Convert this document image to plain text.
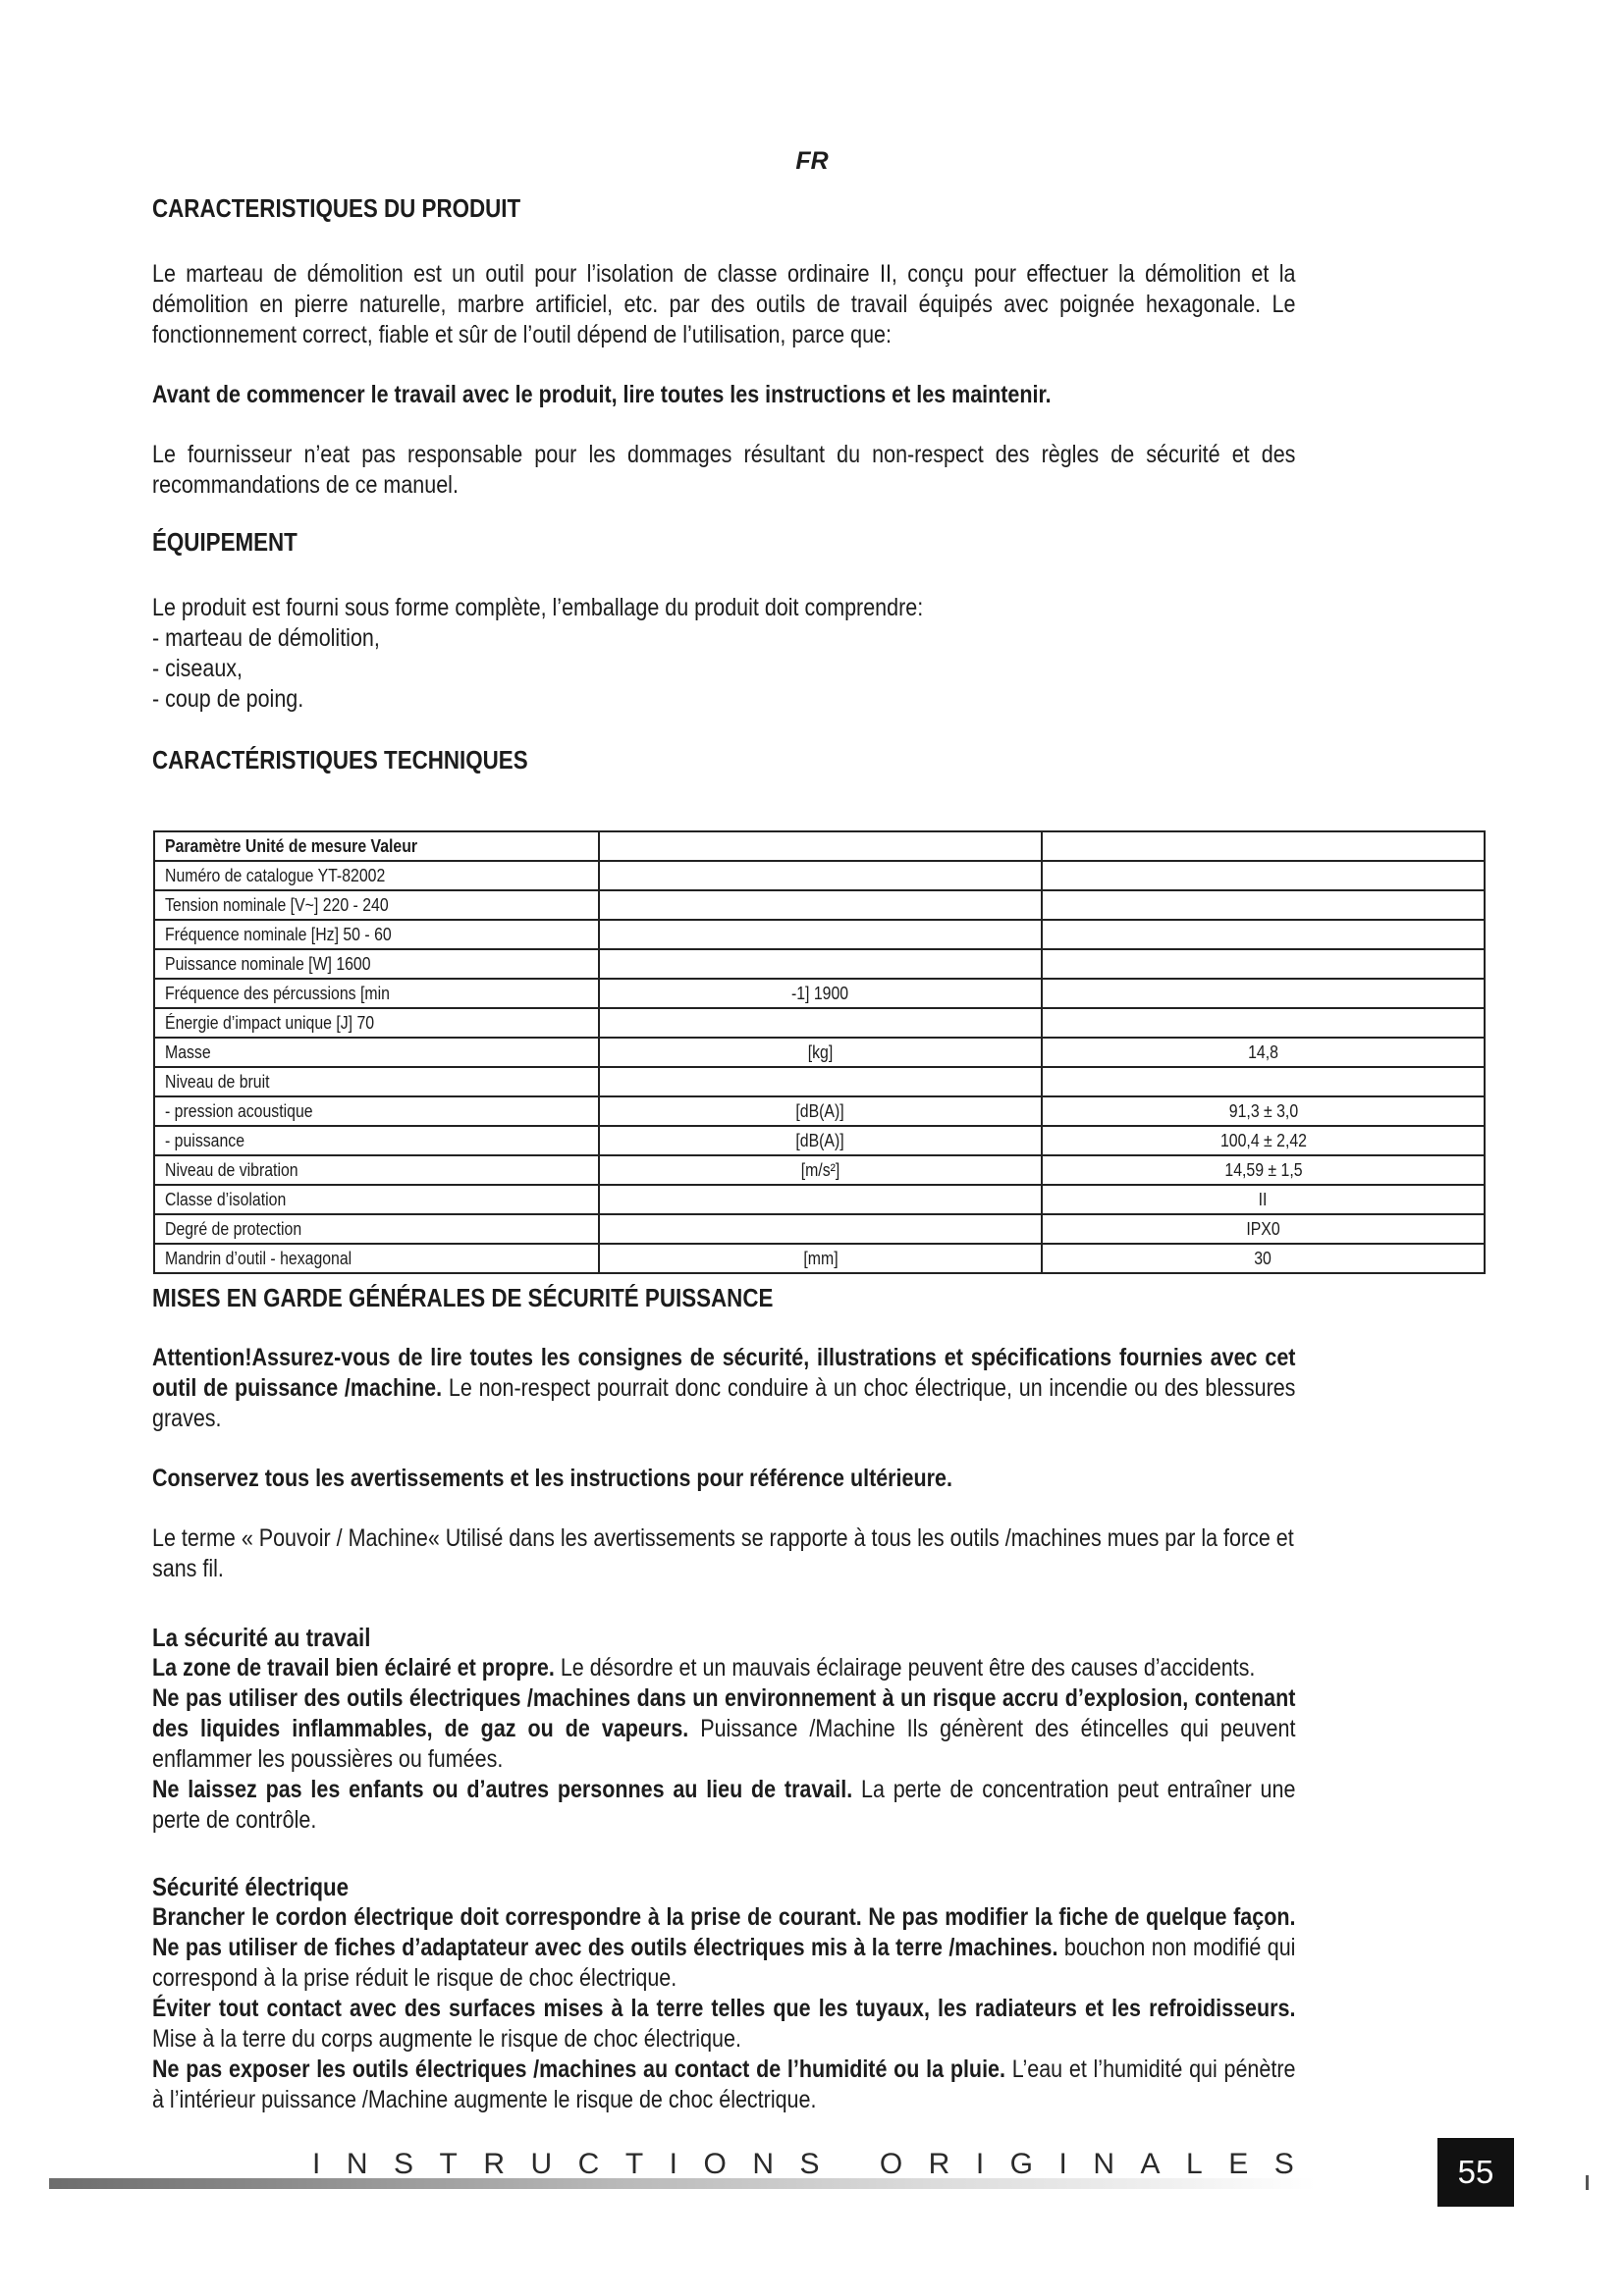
FR
CARACTERISTIQUES DU PRODUIT

Le marteau de démolition est un outil pour l’isolation de classe ordinaire II, conçu pour effectuer la démolition et la démolition en pierre naturelle, marbre artificiel, etc. par des outils de travail équipés avec poignée hexagonale. Le fonctionnement correct, fiable et sûr de l’outil dépend de l’utilisation, parce que:

Avant de commencer le travail avec le produit, lire toutes les instructions et les maintenir.

Le fournisseur n’eat pas responsable pour les dommages résultant du non-respect des règles de sécurité et des recommandations de ce manuel.

ÉQUIPEMENT

Le produit est fourni sous forme complète, l’emballage du produit doit comprendre:

- marteau de démolition,
- ciseaux,
- coup de poing.
CARACTÉRISTIQUES TECHNIQUES
MISES EN GARDE GÉNÉRALES DE SÉCURITÉ PUISSANCE

Attention!Assurez-vous de lire toutes les consignes de sécurité, illustrations et spécifications fournies avec cet outil de puissance /machine. Le non-respect pourrait donc conduire à un choc électrique, un incendie ou des blessures graves.

Conservez tous les avertissements et les instructions pour référence ultérieure.

Le terme « Pouvoir / Machine« Utilisé dans les avertissements se rapporte à tous les outils /machines mues par la force et sans fil.

La sécurité au travail

La zone de travail bien éclairé et propre. Le désordre et un mauvais éclairage peuvent être des causes d’accidents.

Ne pas utiliser des outils électriques /machines dans un environnement à un risque accru d’explosion, contenant des liquides inflammables, de gaz ou de vapeurs. Puissance /Machine Ils génèrent des étincelles qui peuvent enflammer les poussières ou fumées.

Ne laissez pas les enfants ou d’autres personnes au lieu de travail. La perte de concentration peut entraîner une perte de contrôle.

Sécurité électrique

Brancher le cordon électrique doit correspondre à la prise de courant. Ne pas modifier la fiche de quelque façon. Ne pas utiliser de fiches d’adaptateur avec des outils électriques mis à la terre /machines. bouchon non modifié qui correspond à la prise réduit le risque de choc électrique.

Éviter tout contact avec des surfaces mises à la terre telles que les tuyaux, les radiateurs et les refroidisseurs. Mise à la terre du corps augmente le risque de choc électrique.

Ne pas exposer les outils électriques /machines au contact de l’humidité ou la pluie. L’eau et l’humidité qui pénètre à l’intérieur puissance /Machine augmente le risque de choc électrique.

Paramètre Unité de mesure Valeur		
Numéro de catalogue YT-82002		
Tension nominale [V~] 220 - 240		
Fréquence nominale [Hz] 50 - 60		
Puissance nominale [W] 1600		
Fréquence des pércussions [min	-1] 1900	
Énergie d’impact unique [J] 70		
Masse	[kg]	14,8
Niveau de bruit		
- pression acoustique	[dB(A)]	91,3 ± 3,0
- puissance	[dB(A)]	100,4 ± 2,42
Niveau de vibration	[m/s²]	14,59 ± 1,5
Classe d’isolation		II
Degré de protection		IPX0
Mandrin d’outil - hexagonal	[mm]	30
INSTRUCTIONS ORIGINALES	55
